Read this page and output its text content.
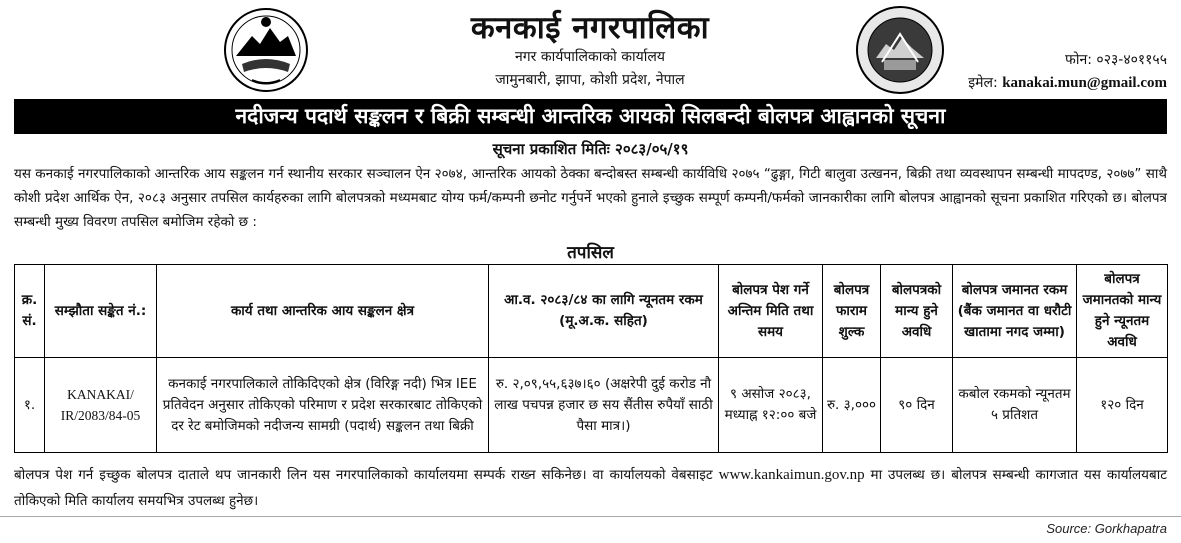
कनकाई नगरपालिका
नगर कार्यपालिकाको कार्यालय
जामुनबारी, झापा, कोशी प्रदेश, नेपाल
फोन: ०२३-४०११५५
इमेल: kanakai.mun@gmail.com
नदीजन्य पदार्थ सङ्कलन र बिक्री सम्बन्धी आन्तरिक आयको सिलबन्दी बोलपत्र आह्वानको सूचना
सूचना प्रकाशित मितिः २०८३/०५/१९
यस कनकाई नगरपालिकाको आन्तरिक आय सङ्कलन गर्न स्थानीय सरकार सञ्चालन ऐन २०७४, आन्तरिक आयको ठेक्का बन्दोबस्त सम्बन्धी कार्यविधि २०७५ “ढुङ्गा, गिटी बालुवा उत्खनन, बिक्री तथा व्यवस्थापन सम्बन्धी मापदण्ड, २०७७” साथै कोशी प्रदेश आर्थिक ऐन, २०८३ अनुसार तपसिल कार्यहरुका लागि बोलपत्रको मध्यमबाट योग्य फर्म/कम्पनी छनोट गर्नुपर्ने भएको हुनाले इच्छुक सम्पूर्ण कम्पनी/फर्मको जानकारीका लागि बोलपत्र आह्वानको सूचना प्रकाशित गरिएको छ। बोलपत्र सम्बन्धी मुख्य विवरण तपसिल बमोजिम रहेको छ :
तपसिल
क्र. सं.	सम्झौता सङ्केत नं.:	कार्य तथा आन्तरिक आय सङ्कलन क्षेत्र	आ.व. २०८३/८४ का लागि न्यूनतम रकम (मू.अ.क. सहित)	बोलपत्र पेश गर्ने अन्तिम मिति तथा समय	बोलपत्र फाराम शुल्क	बोलपत्रको मान्य हुने अवधि	बोलपत्र जमानत रकम (बैंक जमानत वा धरौटी खातामा नगद जम्मा)	बोलपत्र जमानतको मान्य हुने न्यूनतम अवधि
१.	KANAKAI/ IR/2083/84-05	कनकाई नगरपालिकाले तोकिदिएको क्षेत्र (विरिङ्ग नदी) भित्र IEE प्रतिवेदन अनुसार तोकिएको परिमाण र प्रदेश सरकारबाट तोकिएको दर रेट बमोजिमको नदीजन्य सामग्री (पदार्थ) सङ्कलन तथा बिक्री	रु. २,०९,५५,६३७।६० (अक्षरेपी दुई करोड नौ लाख पचपन्न हजार छ सय सैंतीस रुपैयाँ साठी पैसा मात्र।)	९ असोज २०८३, मध्याह्न १२:०० बजे	रु. ३,०००	९० दिन	कबोल रकमको न्यूनतम ५ प्रतिशत	१२० दिन
बोलपत्र पेश गर्न इच्छुक बोलपत्र दाताले थप जानकारी लिन यस नगरपालिकाको कार्यालयमा सम्पर्क राख्न सकिनेछ। वा कार्यालयको वेबसाइट www.kankaimun.gov.np मा उपलब्ध छ। बोलपत्र सम्बन्धी कागजात यस कार्यालयबाट तोकिएको मिति कार्यालय समयभित्र उपलब्ध हुनेछ।
Source: Gorkhapatra
